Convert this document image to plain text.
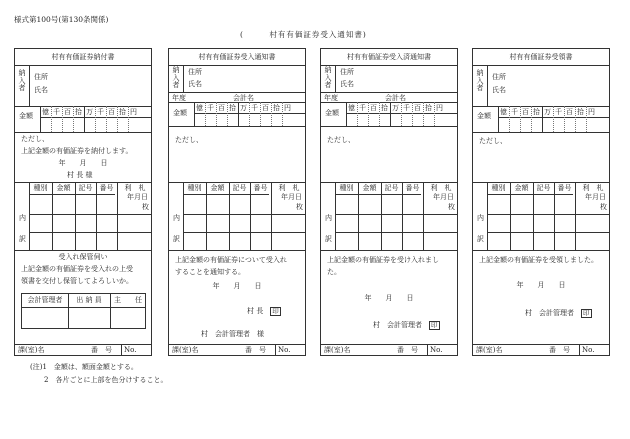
様式第100号(第130条関係)
(　　　村有有価証券受入通知書)
村有有価証券納付書
納
入
者
住所
氏名
金額 億 千 百 拾 万 千 百 拾 円
ただし、
上記金額の有価証券を納付します。
年　　月　　日
村 長 様
種別	金額	記号	番号	利　札
年月日
枚
内
訳
受入れ保管伺い
上記金額の有価証券を受入れの上受
領書を交付し保管してよろしいか。
会計管理者	出 納 員	主　　任
課(室)名	番　号 No.
村有有価証券受入通知書
納
入
者
住所
氏名
年度	会計名
金額
億 千 百 拾 万 千 百 拾 円
ただし、
種別	金額	記号	番号	利　札
年月日
枚
内
訳
上記金額の有価証券について受入れ
することを通知する。
年　　月　　日
村 長　 印
村　会計管理者　様
課(室)名	番　号 No.
村有有価証券受入済通知書
納
入
者
住所
氏名
年度	会計名
金額
億 千 百 拾 万 千 百 拾 円
ただし、
種別	金額	記号	番号	利　札
年月日
枚
内
訳
上記金額の有価証券を受け入れまし
た。
年　　月　　日
村　会計管理者　 印
課(室)名	番　号 No.
村有有価証券受領書
納
入
者
住所
氏名
金額 億 千 百 拾 万 千 百 拾 円
ただし、
種別	金額	記号	番号	利　札
年月日
枚
内
訳
上記金額の有価証券を受領しました。
年　　月　　日
村　会計管理者　 印
課(室)名	番　号 No.
(注)1　金額は、額面金額とする。
　　2　各片ごとに上部を色分けすること。
